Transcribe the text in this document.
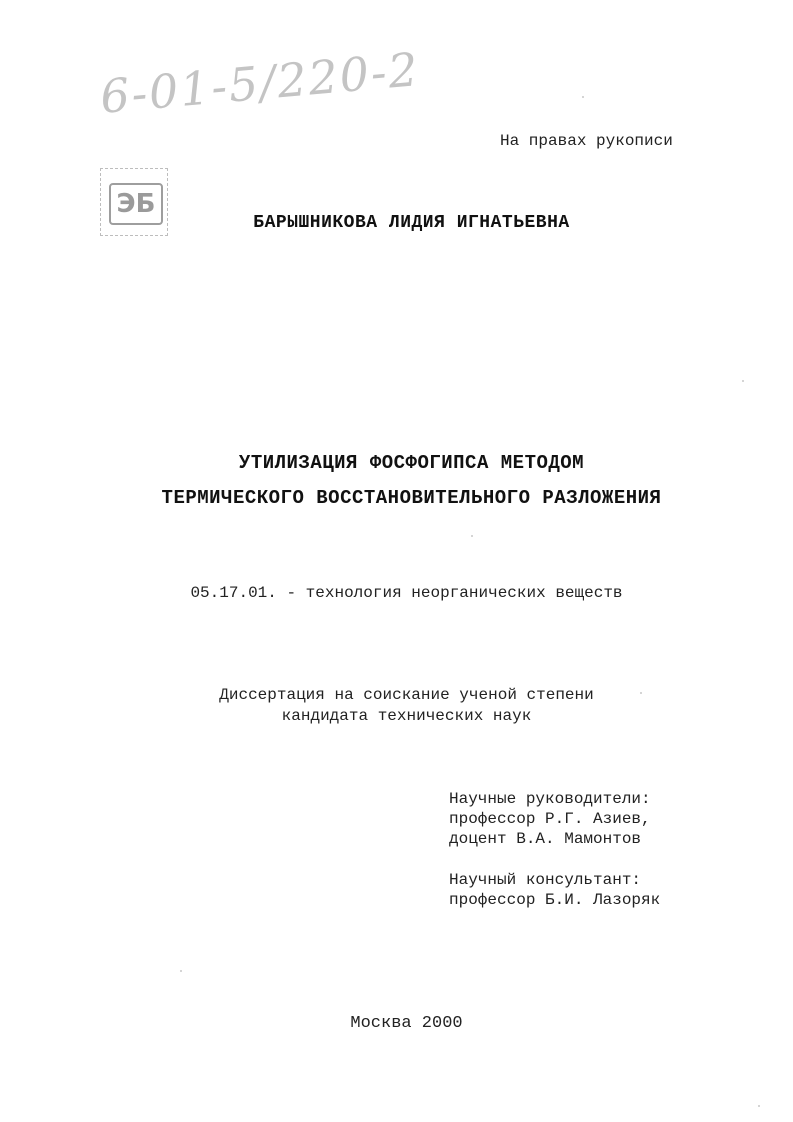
6-01-5/220-2
На правах рукописи
ЭБ
БАРЫШНИКОВА ЛИДИЯ ИГНАТЬЕВНА
УТИЛИЗАЦИЯ ФОСФОГИПСА МЕТОДОМ
ТЕРМИЧЕСКОГО ВОССТАНОВИТЕЛЬНОГО РАЗЛОЖЕНИЯ
05.17.01. - технология неорганических веществ
Диссертация на соискание ученой степени
кандидата технических наук
Научные руководители:
профессор Р.Г. Азиев,
доцент В.А. Мамонтов
Научный консультант:
профессор Б.И. Лазоряк
Москва 2000
